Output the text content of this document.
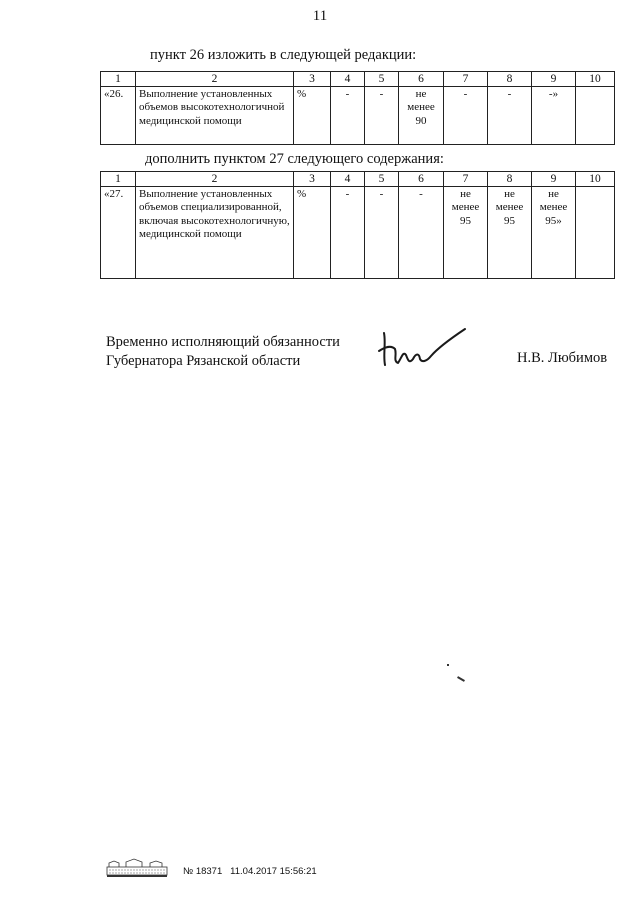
11
пункт 26 изложить в следующей редакции:
1	2	3	4	5	6	7	8	9	10
«26.	Выполнение установленных объемов высокотехнологичной медицинской помощи	%	-	-	не менее 90	-	-	-»	
дополнить пунктом 27 следующего содержания:
1	2	3	4	5	6	7	8	9	10
«27.	Выполнение установленных объемов специализированной, включая высокотехнологичную, медицинской помощи	%	-	-	-	не менее 95	не менее 95	не менее 95»	
Временно исполняющий обязанности
Губернатора Рязанской области	Н.В. Любимов
№ 18371 11.04.2017 15:56:21
